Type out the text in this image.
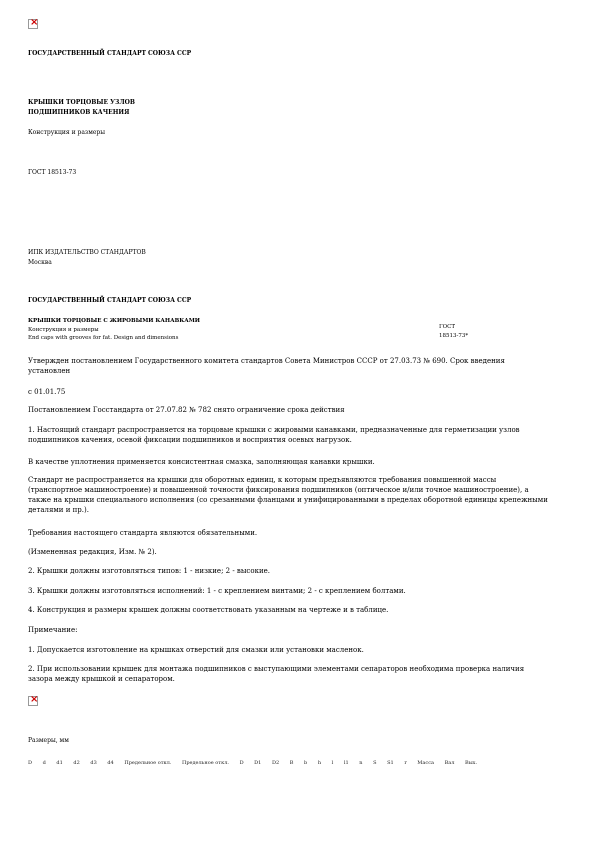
×
ГОСУДАРСТВЕННЫЙ СТАНДАРТ СОЮЗА ССР
КРЫШКИ ТОРЦОВЫЕ УЗЛОВ
ПОДШИПНИКОВ КАЧЕНИЯ
Конструкция и размеры
ГОСТ 18513-73
ИПК ИЗДАТЕЛЬСТВО СТАНДАРТОВ
Москва
ГОСУДАРСТВЕННЫЙ СТАНДАРТ СОЮЗА ССР
КРЫШКИ ТОРЦОВЫЕ С ЖИРОВЫМИ КАНАВКАМИ
Конструкция и размеры
End caps with grooves for fat. Design and dimensions
ГОСТ
18513-73*
Утвержден постановлением Государственного комитета стандартов Совета Министров СССР от 27.03.73 № 690. Срок введения установлен
с 01.01.75
Постановлением Госстандарта от 27.07.82 № 782 снято ограничение срока действия
1. Настоящий стандарт распространяется на торцовые крышки с жировыми канавками, предназначенные для герметизации узлов подшипников качения, осевой фиксации подшипников и восприятия осевых нагрузок.
В качестве уплотнения применяется консистентная смазка, заполняющая канавки крышки.
Стандарт не распространяется на крышки для оборотных единиц, к которым предъявляются требования повышенной массы (транспортное машиностроение) и повышенной точности фиксирования подшипников (оптическое и/или точное машиностроение), а также на крышки специального исполнения (со срезанными фланцами и унифицированными в пределах оборотной единицы крепежными деталями и пр.).
Требования настоящего стандарта являются обязательными.
(Измененная редакция, Изм. № 2).
2. Крышки должны изготовляться типов: 1 - низкие; 2 - высокие.
3. Крышки должны изготовляться исполнений: 1 - с креплением винтами; 2 - с креплением болтами.
4. Конструкция и размеры крышек должны соответствовать указанным на чертеже и в таблице.
Примечание:
1. Допускается изготовление на крышках отверстий для смазки или установки масленок.
2. При использовании крышек для монтажа подшипников с выступающими элементами сепараторов необходима проверка наличия зазора между крышкой и сепаратором.
×
Размеры, мм
D d d1 d2 d3 d4 Предельное откл. Предельное откл. D D1 D2 B b h l l1 n S S1 r Масса Вал Вых.
